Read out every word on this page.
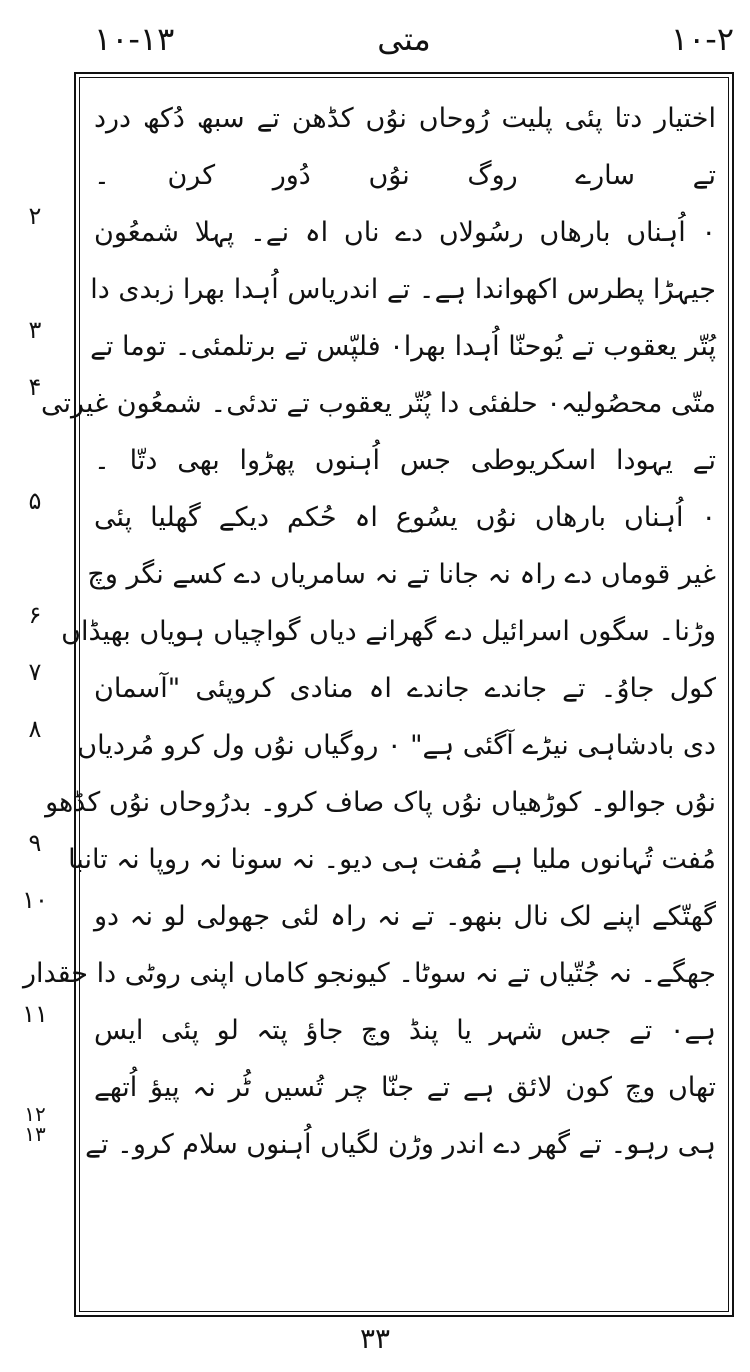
۱۰-۱۳	متی	۱۰-۲
۲
۳
۴
۵
۶
۷
۸
۹
۱۰
۱۱
۱۲
۱۳
اختیار دتا پئی پلیت رُوحاں نوُں کڈھن تے سبھ دُکھ درد
تے سارے روگ نوُں دُور کرن ۔
۰ اُہناں بارھاں رسُولاں دے ناں اہ نے۔ پہلا شمعُون
جیہڑا پطرس اکھواندا ہے۔ تے اندریاس اُہدا بھرا زبدی دا
پُتّر یعقوب تے یُوحنّا اُہدا بھرا۰ فلپّس تے برتلمئی۔ توما تے
متّی محصُولیہ۰ حلفئی دا پُتّر یعقوب تے تدئی۔ شمعُون غیرتی
تے یہودا اسکریوطی جس اُہنوں پھڑوا بھی دتّا ۔
۰ اُہناں بارھاں نوُں یسُوع اہ حُکم دیکے گھلیا پئی
غیر قوماں دے راہ نہ جانا تے نہ سامریاں دے کسے نگر وچ
وڑنا۔ سگوں اسرائیل دے گھرانے دیاں گواچیاں ہویاں بھیڈاں
کول جاوُ۔ تے جاندے جاندے اہ منادی کروپئی "آسمان
دی بادشاہی نیڑے آگئی ہے" ۰ روگیاں نوُں ول کرو مُردیاں
نوُں جوالو۔ کوڑھیاں نوُں پاک صاف کرو۔ بدرُوحاں نوُں کڈھو
مُفت تُہانوں ملیا ہے مُفت ہی دیو۔ نہ سونا نہ روپا نہ تانبا
گھتّکے اپنے لک نال بنھو۔ تے نہ راہ لئی جھولی لو نہ دو
جھگے۔ نہ جُتّیاں تے نہ سوٹا۔ کیونجو کاماں اپنی روٹی دا حقدار
ہے۰ تے جس شہر یا پنڈ وچ جاؤ پتہ لو پئی ایس
تھاں وچ کون لائق ہے تے جنّا چر تُسیں ٹُر نہ پیؤ اُتھے
ہی رہو۔ تے گھر دے اندر وڑن لگیاں اُہنوں سلام کرو۔ تے
۳۳
